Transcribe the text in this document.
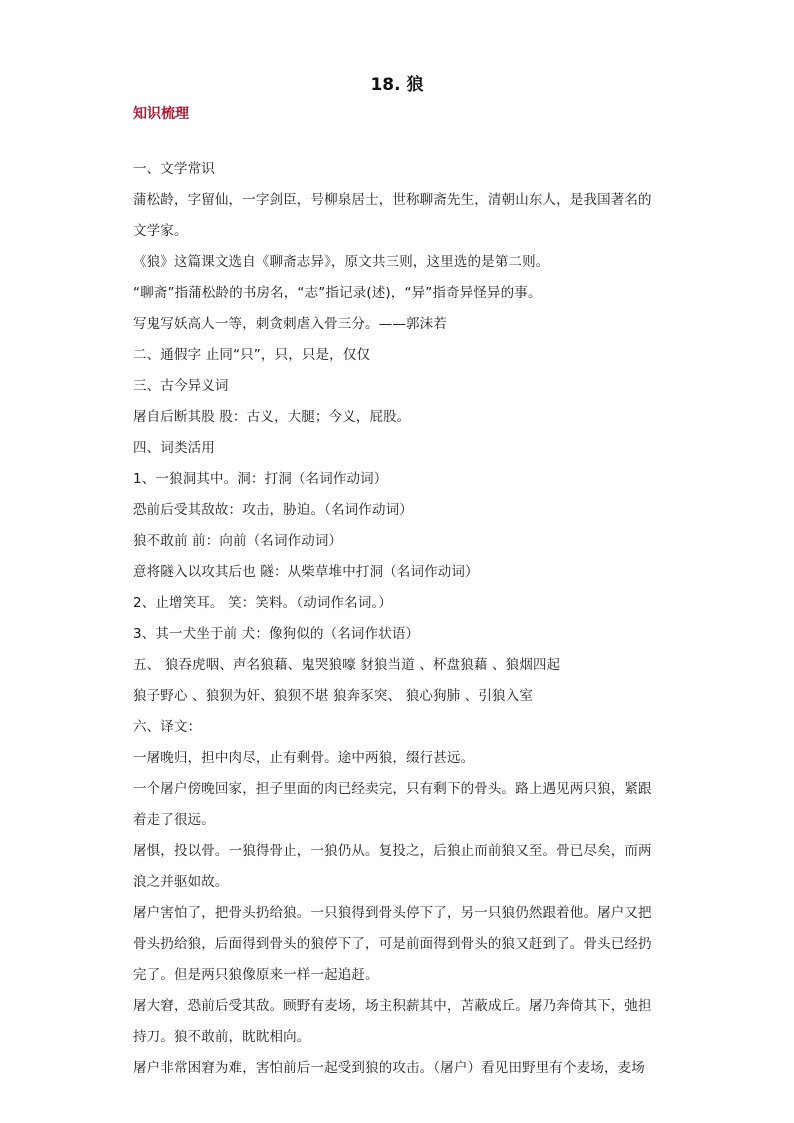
18. 狼
知识梳理
一、文学常识
蒲松龄，字留仙，一字剑臣，号柳泉居士，世称聊斋先生，清朝山东人，是我国著名的
文学家。
《狼》这篇课文选自《聊斋志异》，原文共三则，这里选的是第二则。
“聊斋”指蒲松龄的书房名，“志”指记录(述)，“异”指奇异怪异的事。
写鬼写妖高人一等，刺贪刺虐入骨三分。——郭沫若
二、通假字 止同“只”，只，只是，仅仅
三、古今异义词
屠自后断其股 股：古义，大腿；今义，屁股。
四、词类活用
1、一狼洞其中。洞：打洞（名词作动词）
恐前后受其敌故：攻击，胁迫。（名词作动词）
狼不敢前 前：向前（名词作动词）
意将隧入以攻其后也 隧：从柴草堆中打洞（名词作动词）
2、止增笑耳。 笑：笑料。（动词作名词。）
3、其一犬坐于前 犬：像狗似的（名词作状语）
五、 狼吞虎咽、声名狼藉、鬼哭狼嚎 豺狼当道 、杯盘狼藉 、狼烟四起
狼子野心 、狼狈为奸、狼狈不堪 狼奔豕突、 狼心狗肺 、引狼入室
六、译文：
一屠晚归，担中肉尽，止有剩骨。途中两狼，缀行甚远。
一个屠户傍晚回家，担子里面的肉已经卖完，只有剩下的骨头。路上遇见两只狼，紧跟
着走了很远。
屠惧，投以骨。一狼得骨止，一狼仍从。复投之，后狼止而前狼又至。骨已尽矣，而两
浪之并驱如故。
屠户害怕了，把骨头扔给狼。一只狼得到骨头停下了，另一只狼仍然跟着他。屠户又把
骨头扔给狼，后面得到骨头的狼停下了，可是前面得到骨头的狼又赶到了。骨头已经扔
完了。但是两只狼像原来一样一起追赶。
屠大窘，恐前后受其敌。顾野有麦场，场主积薪其中，苫蔽成丘。屠乃奔倚其下，弛担
持刀。狼不敢前，眈眈相向。
屠户非常困窘为难，害怕前后一起受到狼的攻击。（屠户）看见田野里有个麦场，麦场
